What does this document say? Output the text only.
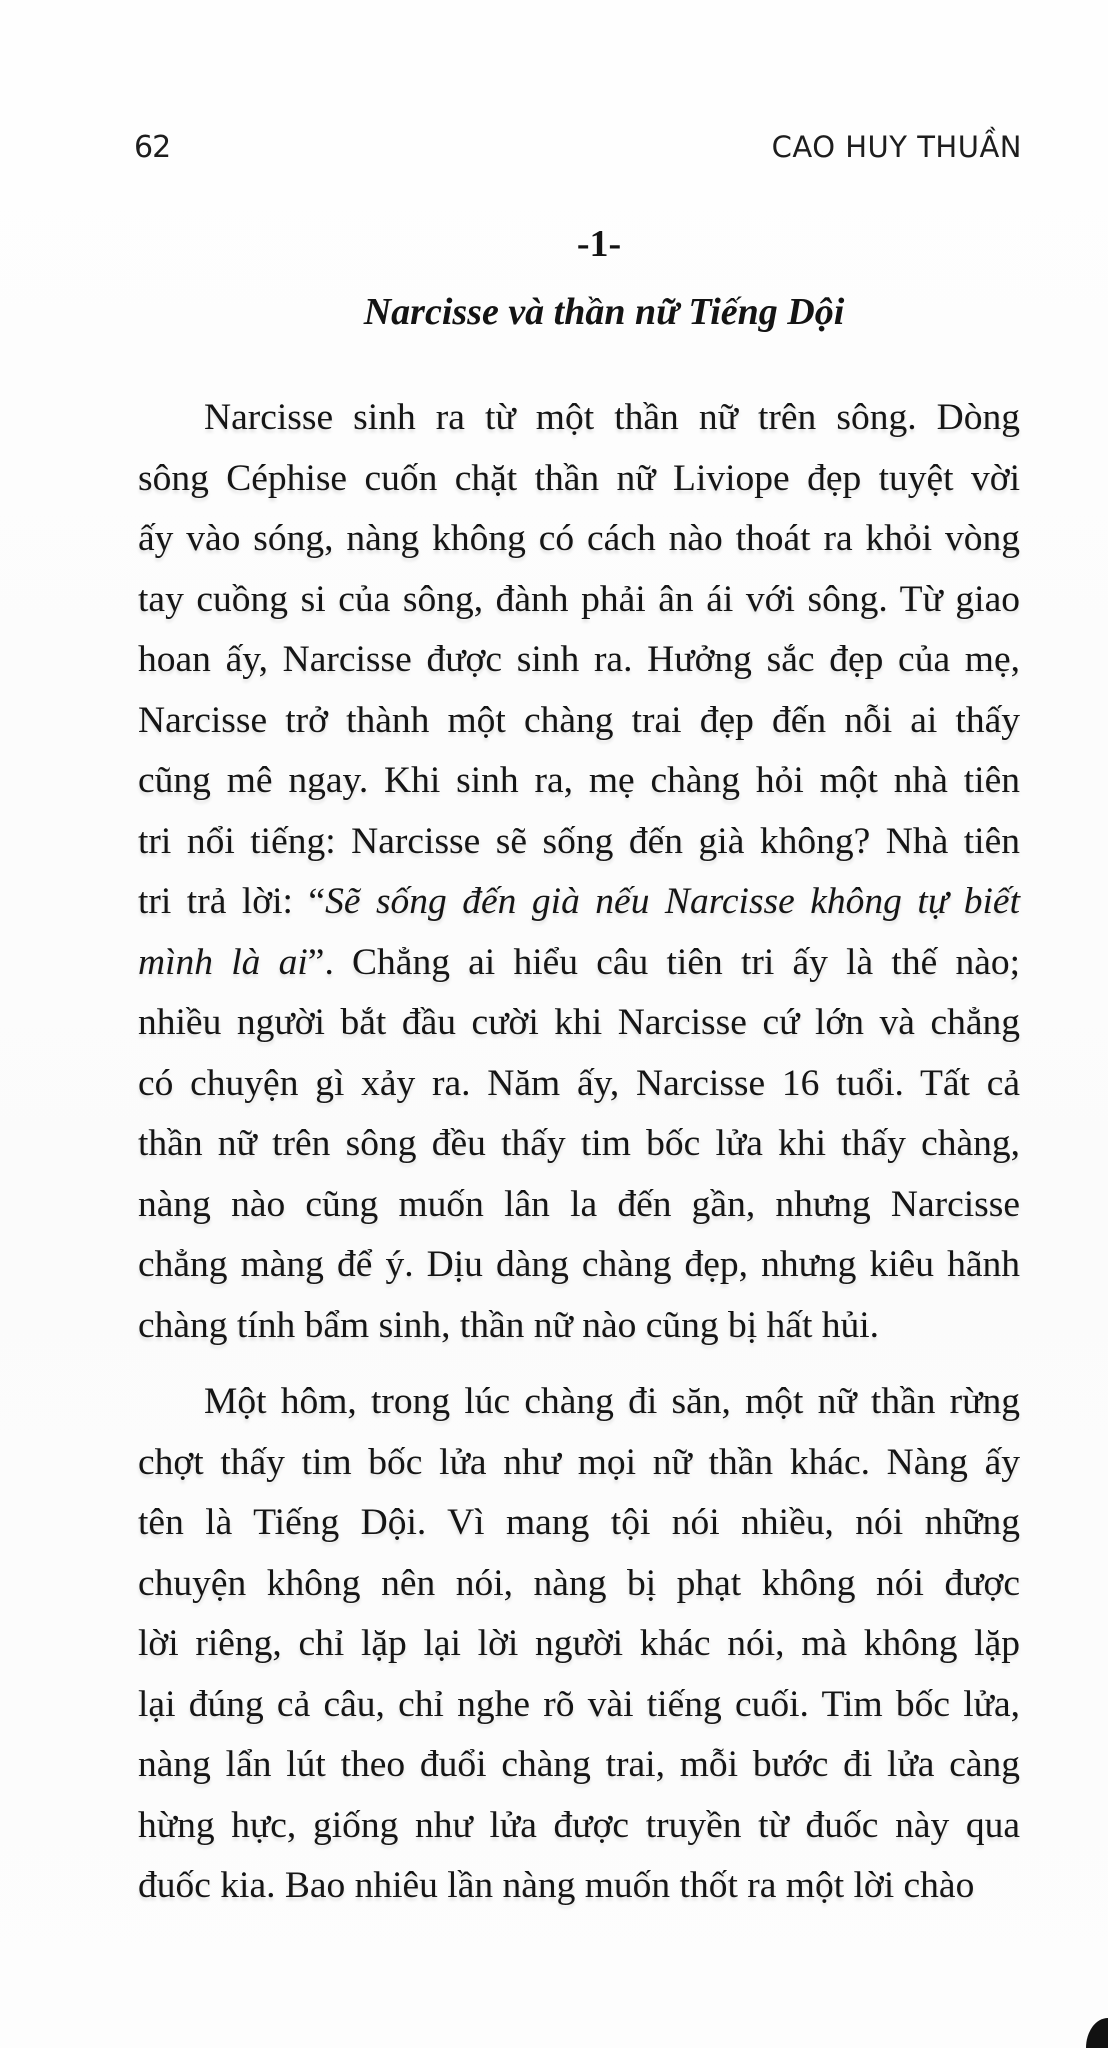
62	CAO HUY THUẦN
-1-
Narcisse và thần nữ Tiếng Dội
Narcisse sinh ra từ một thần nữ trên sông. Dòng
sông Céphise cuốn chặt thần nữ Liviope đẹp tuyệt vời
ấy vào sóng, nàng không có cách nào thoát ra khỏi vòng
tay cuồng si của sông, đành phải ân ái với sông. Từ giao
hoan ấy, Narcisse được sinh ra. Hưởng sắc đẹp của mẹ,
Narcisse trở thành một chàng trai đẹp đến nỗi ai thấy
cũng mê ngay. Khi sinh ra, mẹ chàng hỏi một nhà tiên
tri nổi tiếng: Narcisse sẽ sống đến già không? Nhà tiên
tri trả lời: “Sẽ sống đến già nếu Narcisse không tự biết
mình là ai”. Chẳng ai hiểu câu tiên tri ấy là thế nào;
nhiều người bắt đầu cười khi Narcisse cứ lớn và chẳng
có chuyện gì xảy ra. Năm ấy, Narcisse 16 tuổi. Tất cả
thần nữ trên sông đều thấy tim bốc lửa khi thấy chàng,
nàng nào cũng muốn lân la đến gần, nhưng Narcisse
chẳng màng để ý. Dịu dàng chàng đẹp, nhưng kiêu hãnh
chàng tính bẩm sinh, thần nữ nào cũng bị hất hủi.
Một hôm, trong lúc chàng đi săn, một nữ thần rừng
chợt thấy tim bốc lửa như mọi nữ thần khác. Nàng ấy
tên là Tiếng Dội. Vì mang tội nói nhiều, nói những
chuyện không nên nói, nàng bị phạt không nói được
lời riêng, chỉ lặp lại lời người khác nói, mà không lặp
lại đúng cả câu, chỉ nghe rõ vài tiếng cuối. Tim bốc lửa,
nàng lẩn lút theo đuổi chàng trai, mỗi bước đi lửa càng
hừng hực, giống như lửa được truyền từ đuốc này qua
đuốc kia. Bao nhiêu lần nàng muốn thốt ra một lời chào
